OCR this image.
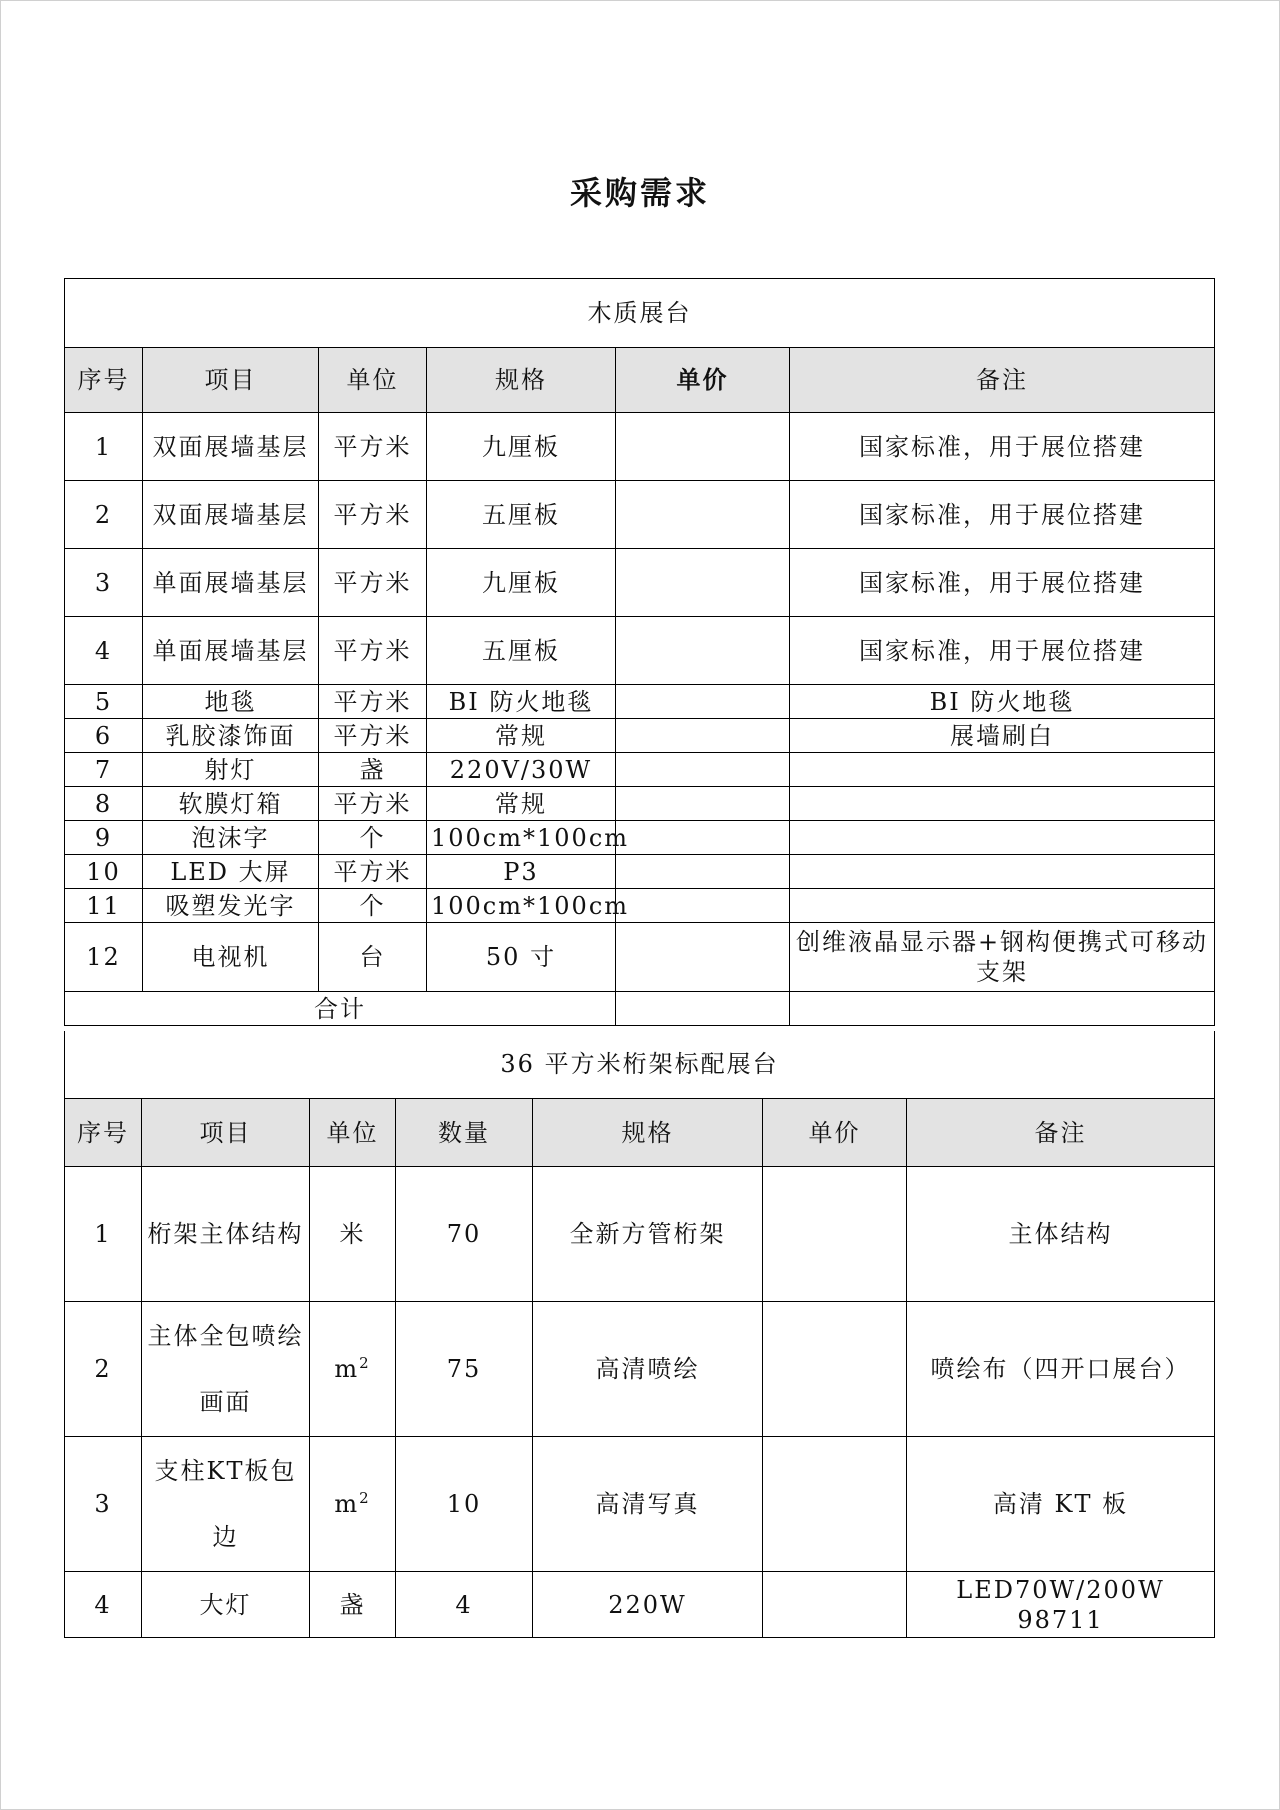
采购需求
木质展台					
序号	项目	单位	规格	单价	备注
1	双面展墙基层	平方米	九厘板		国家标准，用于展位搭建
2	双面展墙基层	平方米	五厘板		国家标准，用于展位搭建
3	单面展墙基层	平方米	九厘板		国家标准，用于展位搭建
4	单面展墙基层	平方米	五厘板		国家标准，用于展位搭建
5	地毯	平方米	BI 防火地毯		BI 防火地毯
6	乳胶漆饰面	平方米	常规		展墙刷白
7	射灯	盏	220V/30W		
8	软膜灯箱	平方米	常规		
9	泡沫字	个	100cm*100cm		
10	LED 大屏	平方米	P3		
11	吸塑发光字	个	100cm*100cm		
12	电视机	台	50 寸		创维液晶显示器+钢构便携式可移动支架
合计					
序号	项目	单位	数量	规格	单价	备注
1	桁架主体结构	米	70	全新方管桁架		主体结构
2	主体全包喷绘画面	$m^2$	75	高清喷绘		喷绘布（四开口展台）
3	支柱KT板包边	$m^2$	10	高清写真		高清 KT 板
4	大灯	盏	4	220W		LED70W/200W 98711
36 平方米桁架标配展台
